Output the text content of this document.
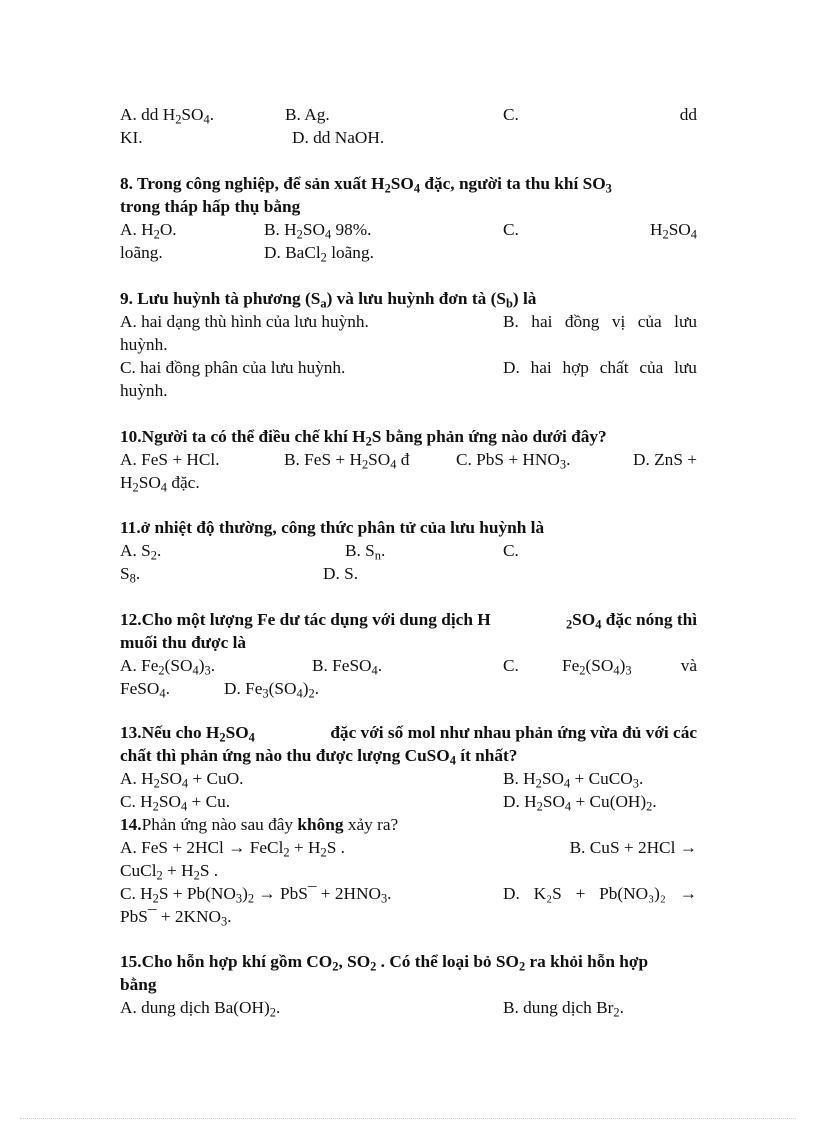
A. dd $H_2SO_4$.	B. Ag.	C.	dd
KI.	D. dd NaOH.
8. Trong công nghiệp, để sản xuất $H_2SO_4$ đặc, người ta thu khí $SO_3$
trong tháp hấp thụ bằng
A. $H_2O$.	B. $H_2SO_4$ 98%.	C.	$H_2SO_4$
loãng.	D. BaCl$_2$ loãng.
9. Lưu huỳnh tà phương $(S_a)$ và lưu huỳnh đơn tà $(S_b)$ là
A. hai dạng thù hình của lưu huỳnh.	B. hai đồng vị của lưu
huỳnh.
C. hai đồng phân của lưu huỳnh.	D. hai hợp chất của lưu
huỳnh.
10.Người ta có thể điều chế khí $H_2S$ bằng phản ứng nào dưới đây?
A. FeS + HCl.	B. FeS + $H_2SO_4$ đ	C. PbS + $HNO_3$.	D. ZnS +
$H_2SO_4$ đặc.
11.ở nhiệt độ thường, công thức phân tử của lưu huỳnh là
A. $S_2$.	B. $S_n$.	C.
$S_8$.	D. S.
12.Cho một lượng Fe dư tác dụng với dung dịch H	$_2SO_4$ đặc nóng thì
muối thu được là
A. $Fe_2(SO_4)_3$.	B. FeSO$_4$.	C. $Fe_2(SO_4)_3$	và
FeSO$_4$.	D. $Fe_3(SO_4)_2$.
13.Nếu cho $H_2SO_4$	đặc với số mol như nhau phản ứng vừa đủ với các
chất thì phản ứng nào thu được lượng CuSO$_4$ ít nhất?
A. $H_2SO_4$ + CuO.	B. $H_2SO_4$ + CuCO$_3$.
C. $H_2SO_4 + Cu$.	D. $H_2SO_4 + Cu(OH)_2$.
14.Phản ứng nào sau đây không xảy ra?
A. FeS + 2HCl → FeCl$_2$ + $H_2S$ .	B. CuS + 2HCl →
CuCl$_2$ + $H_2S$ .
C. $H_2S + Pb(NO_3)_2$ → PbS¯ + $2HNO_3$.	D. K₂S + Pb(NO₃)₂ →
PbS¯ + $2KNO_3$.
15.Cho hỗn hợp khí gồm $CO_2$, $SO_2$ . Có thể loại bỏ $SO_2$ ra khỏi hỗn hợp
bằng
A. dung dịch $Ba(OH)_2$.	B. dung dịch $Br_2$.
